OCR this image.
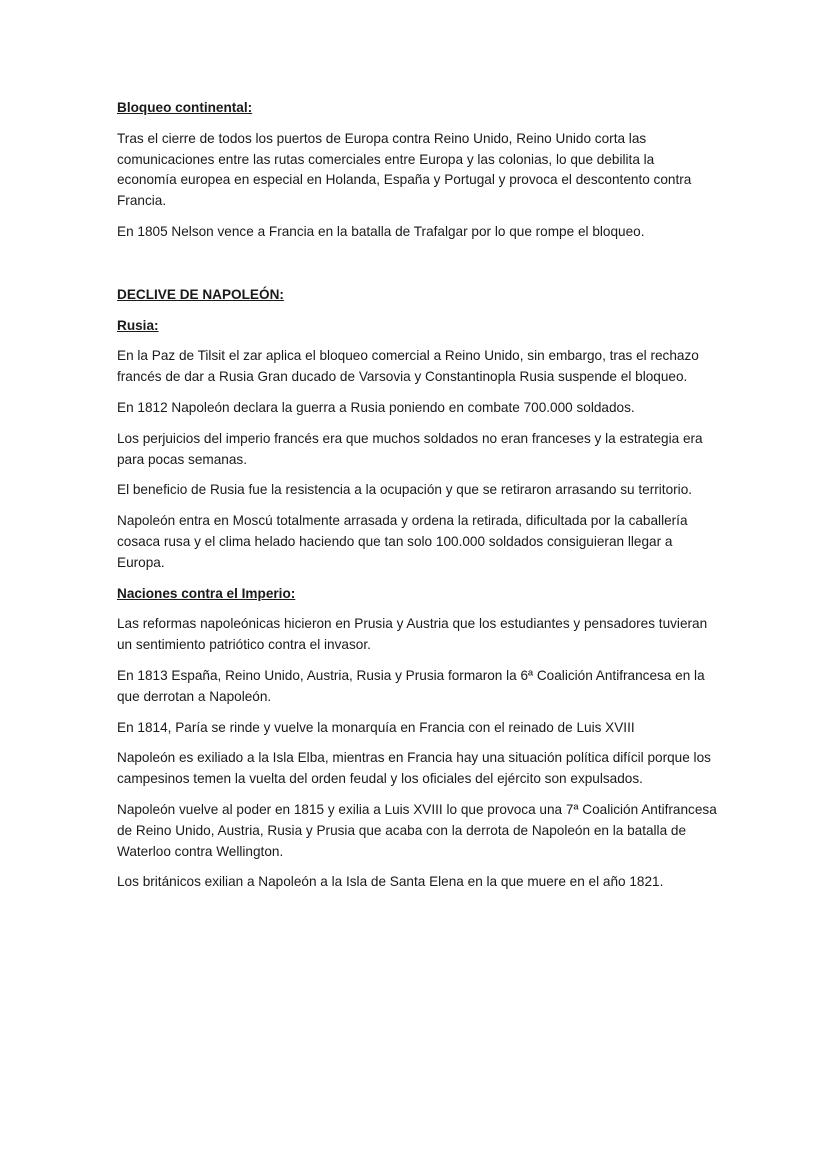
Bloqueo continental:

Tras el cierre de todos los puertos de Europa contra Reino Unido, Reino Unido corta las comunicaciones entre las rutas comerciales entre Europa y las colonias, lo que debilita la economía europea en especial en Holanda, España y Portugal y provoca el descontento contra Francia.

En 1805 Nelson vence a Francia en la batalla de Trafalgar por lo que rompe el bloqueo.

DECLIVE DE NAPOLEÓN:

Rusia:

En la Paz de Tilsit el zar aplica el bloqueo comercial a Reino Unido, sin embargo, tras el rechazo francés de dar a Rusia Gran ducado de Varsovia y Constantinopla Rusia suspende el bloqueo.

En 1812 Napoleón declara la guerra a Rusia poniendo en combate 700.000 soldados.

Los perjuicios del imperio francés era que muchos soldados no eran franceses y la estrategia era para pocas semanas.

El beneficio de Rusia fue la resistencia a la ocupación y que se retiraron arrasando su territorio.

Napoleón entra en Moscú totalmente arrasada y ordena la retirada, dificultada por la caballería cosaca rusa y el clima helado haciendo que tan solo 100.000 soldados consiguieran llegar a Europa.

Naciones contra el Imperio:

Las reformas napoleónicas hicieron en Prusia y Austria que los estudiantes y pensadores tuvieran un sentimiento patriótico contra el invasor.

En 1813 España, Reino Unido, Austria, Rusia y Prusia formaron la 6ª Coalición Antifrancesa en la que derrotan a Napoleón.

En 1814, Paría se rinde y vuelve la monarquía en Francia con el reinado de Luis XVIII

Napoleón es exiliado a la Isla Elba, mientras en Francia hay una situación política difícil porque los campesinos temen la vuelta del orden feudal y los oficiales del ejército son expulsados.

Napoleón vuelve al poder en 1815 y exilia a Luis XVIII lo que provoca una 7ª Coalición Antifrancesa de Reino Unido, Austria, Rusia y Prusia que acaba con la derrota de Napoleón en la batalla de Waterloo contra Wellington.

Los británicos exilian a Napoleón a la Isla de Santa Elena en la que muere en el año 1821.
